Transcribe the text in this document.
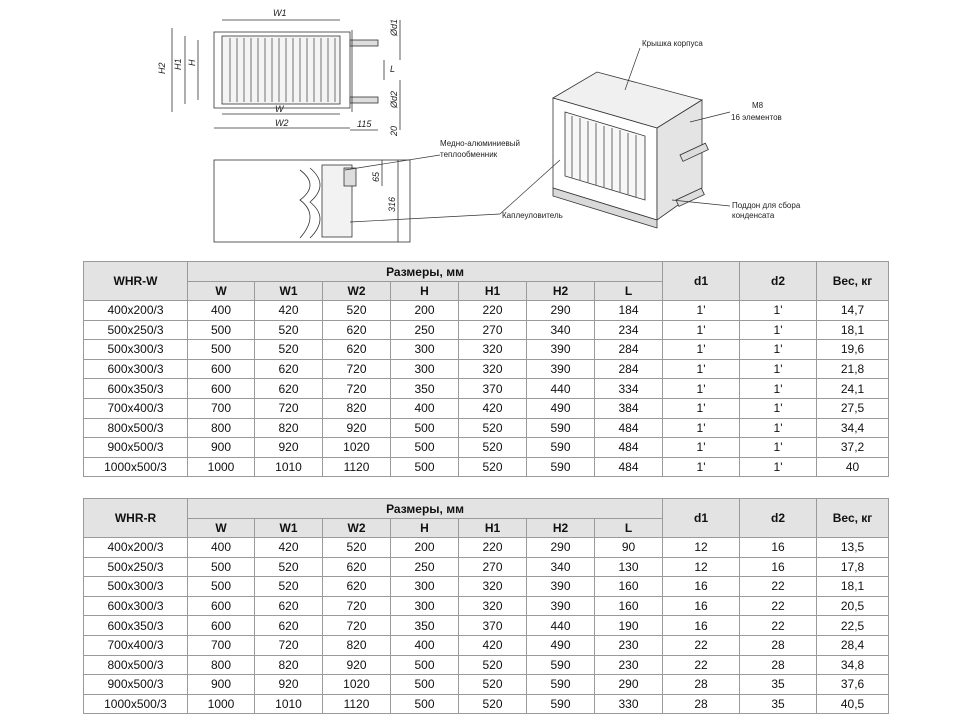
W1
W
W2	115
H2 H1 H
Ød1
L
Ød2
20
65
316
Крышка корпуса
М8
16 элементов
Медно-алюминиевый
теплообменник
Поддон для сбора
конденсата
Каплеуловитель
WHR-W	Размеры, мм							d1	d2	Вес, кг
	W	W1	W2	H	H1	H2	L			
400x200/3	400	420	520	200	220	290	184	1'	1'	14,7
500x250/3	500	520	620	250	270	340	234	1'	1'	18,1
500x300/3	500	520	620	300	320	390	284	1'	1'	19,6
600x300/3	600	620	720	300	320	390	284	1'	1'	21,8
600x350/3	600	620	720	350	370	440	334	1'	1'	24,1
700x400/3	700	720	820	400	420	490	384	1'	1'	27,5
800x500/3	800	820	920	500	520	590	484	1'	1'	34,4
900x500/3	900	920	1020	500	520	590	484	1'	1'	37,2
1000x500/3	1000	1010	1120	500	520	590	484	1'	1'	40
WHR-R	Размеры, мм							d1	d2	Вес, кг
	W	W1	W2	H	H1	H2	L			
400x200/3	400	420	520	200	220	290	90	12	16	13,5
500x250/3	500	520	620	250	270	340	130	12	16	17,8
500x300/3	500	520	620	300	320	390	160	16	22	18,1
600x300/3	600	620	720	300	320	390	160	16	22	20,5
600x350/3	600	620	720	350	370	440	190	16	22	22,5
700x400/3	700	720	820	400	420	490	230	22	28	28,4
800x500/3	800	820	920	500	520	590	230	22	28	34,8
900x500/3	900	920	1020	500	520	590	290	28	35	37,6
1000x500/3	1000	1010	1120	500	520	590	330	28	35	40,5
